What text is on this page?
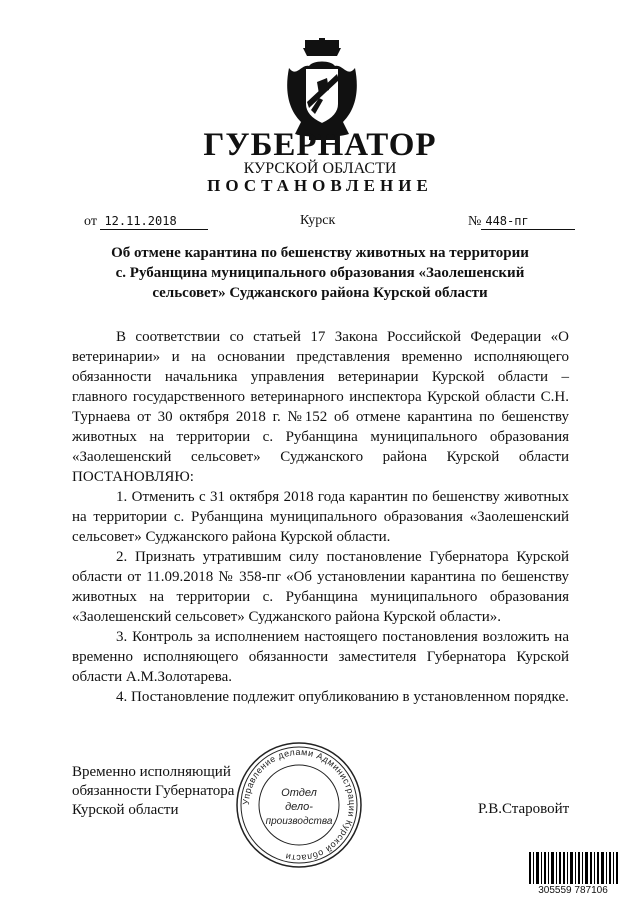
ГУБЕРНАТОР
КУРСКОЙ ОБЛАСТИ
ПОСТАНОВЛЕНИЕ
от 12.11.2018	Курск	№ 448-пг
Об отмене карантина по бешенству животных на территории
с. Рубанщина муниципального образования «Заолешенский
сельсовет» Суджанского района Курской области

В соответствии со статьей 17 Закона Российской Федерации «О ветеринарии» и на основании представления временно исполняющего обязанности начальника управления ветеринарии Курской области – главного государственного ветеринарного инспектора Курской области С.Н. Турнаева от 30 октября 2018 г. №152 об отмене карантина по бешенству животных на территории с. Рубанщина муниципального образования «Заолешенский сельсовет» Суджанского района Курской области ПОСТАНОВЛЯЮ:

1. Отменить с 31 октября 2018 года карантин по бешенству животных на территории с. Рубанщина муниципального образования «Заолешенский сельсовет» Суджанского района Курской области.

2. Признать утратившим силу постановление Губернатора Курской области от 11.09.2018 № 358-пг «Об установлении карантина по бешенству животных на территории с. Рубанщина муниципального образования «Заолешенский сельсовет» Суджанского района Курской области».

3. Контроль за исполнением настоящего постановления возложить на временно исполняющего обязанности заместителя Губернатора Курской области А.М.Золотарева.

4. Постановление подлежит опубликованию в установленном порядке.

Временно исполняющий
обязанности Губернатора
Курской области
Управление делами Администрации Курской области
Отдел
дело-
производства
Р.В.Старовойт
305559 787106
